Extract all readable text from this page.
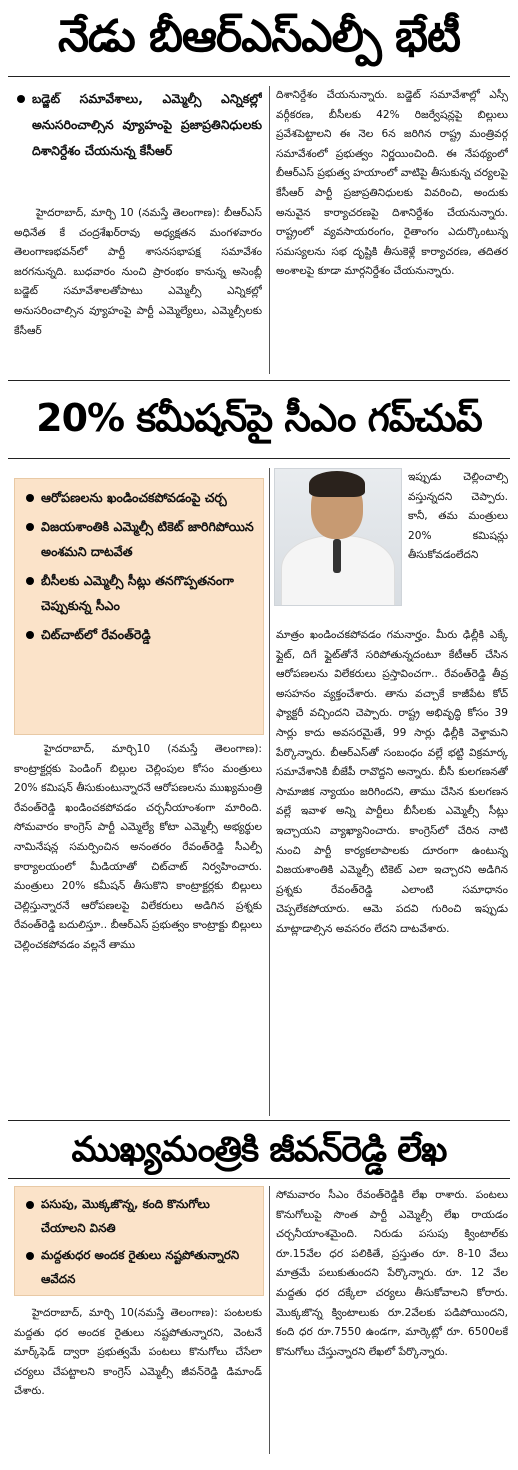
నేడు బీఆర్ఎస్ఎల్పీ భేటీ
బడ్జెట్ సమావేశాలు, ఎమ్మెల్సీ ఎన్నికల్లో అనుసరించాల్సిన వ్యూహంపై ప్రజాప్రతినిధులకు దిశానిర్దేశం చేయనున్న కేసీఆర్

హైదరాబాద్, మార్చి 10 (నమస్తే తెలంగాణ): బీఆర్ఎస్ అధినేత కే చంద్రశేఖర్‌రావు అధ్యక్షతన మంగళవారం తెలంగాణభవన్‌లో పార్టీ శాసనసభాపక్ష సమావేశం జరగనున్నది. బుధవారం నుంచి ప్రారంభం కానున్న అసెంబ్లీ బడ్జెట్ సమావేశాలతోపాటు ఎమ్మెల్సీ ఎన్నికల్లో అనుసరించాల్సిన వ్యూహంపై పార్టీ ఎమ్మెల్యేలు, ఎమ్మెల్సీలకు కేసీఆర్

దిశానిర్దేశం చేయనున్నారు. బడ్జెట్ సమావేశాల్లో ఎస్సీ వర్గీకరణ, బీసీలకు 42% రిజర్వేషన్లపై బిల్లులు ప్రవేశపెట్టాలని ఈ నెల 6న జరిగిన రాష్ట్ర మంత్రివర్గ సమావేశంలో ప్రభుత్వం నిర్ణయించింది. ఈ నేపథ్యంలో బీఆర్ఎస్ ప్రభుత్వ హయాంలో వాటిపై తీసుకున్న చర్యలపై కేసీఆర్ పార్టీ ప్రజాప్రతినిధులకు వివరించి, అందుకు అనువైన కార్యాచరణపై దిశానిర్దేశం చేయనున్నారు. రాష్ట్రంలో వ్యవసాయరంగం, రైతాంగం ఎదుర్కొంటున్న సమస్యలను సభ దృష్టికి తీసుకెళ్లే కార్యాచరణ, తదితర అంశాలపై కూడా మార్గనిర్దేశం చేయనున్నారు.

20% కమీషన్‌పై సీఎం గప్‌చుప్
ఆరోపణలను ఖండించకపోవడంపై చర్చ
విజయశాంతికి ఎమ్మెల్సీ టికెట్ జారిగిపోయిన అంశమని దాటవేత
బీసీలకు ఎమ్మెల్సీ సీట్లు తనగొప్పతనంగా చెప్పుకున్న సీఎం
చిట్‌చాట్‌లో రేవంత్‌రెడ్డి

హైదరాబాద్, మార్చి10 (నమస్తే తెలంగాణ): కాంట్రాక్టర్లకు పెండింగ్ బిల్లుల చెల్లింపుల కోసం మంత్రులు 20% కమిషన్ తీసుకుంటున్నారనే ఆరోపణలను ముఖ్యమంత్రి రేవంత్‌రెడ్డి ఖండించకపోవడం చర్చనీయాంశంగా మారింది. సోమవారం కాంగ్రెస్ పార్టీ ఎమ్మెల్యే కోటా ఎమ్మెల్సీ అభ్యర్థుల నామినేషన్ల సమర్పించిన అనంతరం రేవంత్‌రెడ్డి సీఎల్పీ కార్యాలయంలో మీడియాతో చిట్‌చాట్ నిర్వహించారు. మంత్రులు 20% కమీషన్ తీసుకొని కాంట్రాక్టర్లకు బిల్లులు చెల్లిస్తున్నారనే ఆరోపణలపై విలేకరులు అడిగిన ప్రశ్నకు రేవంత్‌రెడ్డి బదులిస్తూ.. బీఆర్ఎస్ ప్రభుత్వం కాంట్రాక్టు బిల్లులు చెల్లించకపోవడం వల్లనే తాము

ఇప్పుడు చెల్లించాల్సి వస్తున్నదని చెప్పారు. కానీ, తమ మంత్రులు 20% కమిషన్లు తీసుకోవడంలేదని

మాత్రం ఖండించకపోవడం గమనార్హం. మీరు ఢిల్లీకి ఎక్కే ఫ్లైట్, దిగే ఫ్లైట్‌తోనే సరిపోతున్నదంటూ కేటీఆర్ చేసిన ఆరోపణలను విలేకరులు ప్రస్తావించగా.. రేవంత్‌రెడ్డి తీవ్ర అసహనం వ్యక్తంచేశారు. తాను వచ్చాకే కాజీపేట కోచ్ ఫ్యాక్టరీ వచ్చిందని చెప్పారు. రాష్ట్ర అభివృద్ధి కోసం 39 సార్లు కాదు అవసరమైతే, 99 సార్లు ఢిల్లీకి వెళ్తామని పేర్కొన్నారు. బీఆర్ఎస్‌తో సంబంధం వల్లే భట్టి విక్రమార్క సమావేశానికి బీజేపీ రావొద్దని అన్నారు. బీసీ కులగణనతో సామాజిక న్యాయం జరిగిందని, తాము చేసిన కులగణన వల్లే ఇవాళ అన్ని పార్టీలు బీసీలకు ఎమ్మెల్సీ సీట్లు ఇచ్చాయని వ్యాఖ్యానించారు. కాంగ్రెస్‌లో చేరిన నాటి నుంచి పార్టీ కార్యకలాపాలకు దూరంగా ఉంటున్న విజయశాంతికి ఎమ్మెల్సీ టికెట్ ఎలా ఇచ్చారని అడిగిన ప్రశ్నకు రేవంత్‌రెడ్డి ఎలాంటి సమాధానం చెప్పలేకపోయారు. ఆమె పదవి గురించి ఇప్పుడు మాట్లాడాల్సిన అవసరం లేదని దాటవేశారు.

ముఖ్యమంత్రికి జీవన్‌రెడ్డి లేఖ
పసుపు, మొక్కజొన్న, కంది కొనుగోలు చేయాలని వినతి
మద్దతుధర అందక రైతులు నష్టపోతున్నారని ఆవేదన

హైదరాబాద్, మార్చి 10(నమస్తే తెలంగాణ): పంటలకు మద్దతు ధర అందక రైతులు నష్టపోతున్నారని, వెంటనే మార్క్‌ఫెడ్ ద్వారా ప్రభుత్వమే పంటలు కొనుగోలు చేసేలా చర్యలు చేపట్టాలని కాంగ్రెస్ ఎమ్మెల్సీ జీవన్‌రెడ్డి డిమాండ్ చేశారు.

సోమవారం సీఎం రేవంత్‌రెడ్డికి లేఖ రాశారు. పంటలు కొనుగోలుపై సొంత పార్టీ ఎమ్మెల్సీ లేఖ రాయడం చర్చనీయాంశమైంది. నిరుడు పసుపు క్వింటాల్‌కు రూ.15వేల ధర పలికితే, ప్రస్తుతం రూ. 8-10 వేలు మాత్రమే పలుకుతుందని పేర్కొన్నారు. రూ. 12 వేల మద్దతు ధర దక్కేలా చర్యలు తీసుకోవాలని కోరారు. మొక్కజొన్న క్వింటాలుకు రూ.2వేలకు పడిపోయిందని, కంది ధర రూ.7550 ఉండగా, మార్కెట్లో రూ. 6500లకే కొనుగోలు చేస్తున్నారని లేఖలో పేర్కొన్నారు.
